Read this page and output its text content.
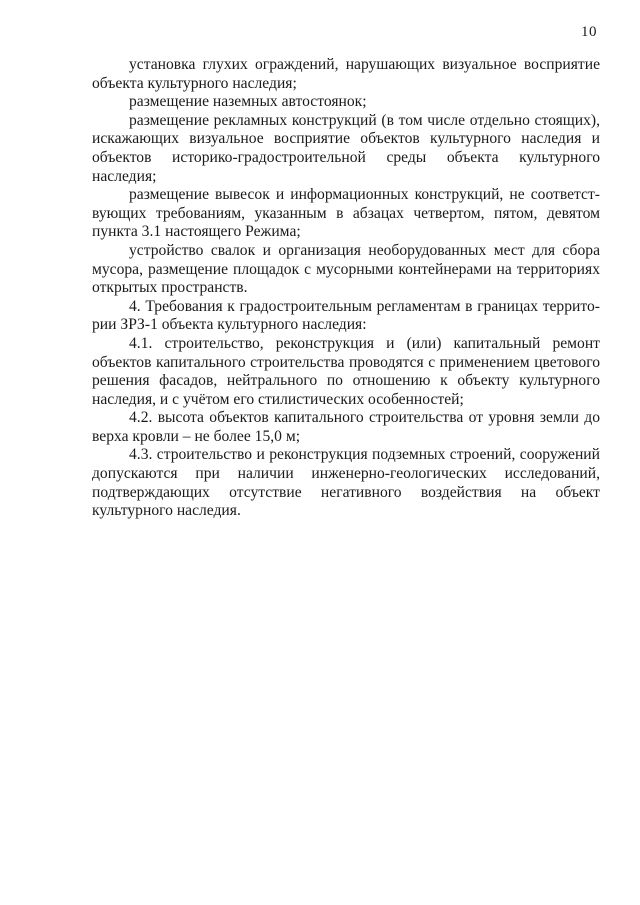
10

установка глухих ограждений, нарушающих визуальное восприятие объекта культурного наследия;

размещение наземных автостоянок;

размещение рекламных конструкций (в том числе отдельно стоящих), искажающих визуальное восприятие объектов культурного наследия и объектов историко-градостроительной среды объекта культурного наследия;

размещение вывесок и информационных конструкций, не соответствующих требованиям, указанным в абзацах четвертом, пятом, девятом пункта 3.1 настоящего Режима;

устройство свалок и организация необорудованных мест для сбора мусора, размещение площадок с мусорными контейнерами на территориях открытых пространств.

4. Требования к градостроительным регламентам в границах территории ЗРЗ-1 объекта культурного наследия:

4.1. строительство, реконструкция и (или) капитальный ремонт объектов капитального строительства проводятся с применением цветового решения фасадов, нейтрального по отношению к объекту культурного наследия, и с учётом его стилистических особенностей;

4.2. высота объектов капитального строительства от уровня земли до верха кровли – не более 15,0 м;

4.3. строительство и реконструкция подземных строений, сооружений допускаются при наличии инженерно-геологических исследований, подтверждающих отсутствие негативного воздействия на объект культурного наследия.
